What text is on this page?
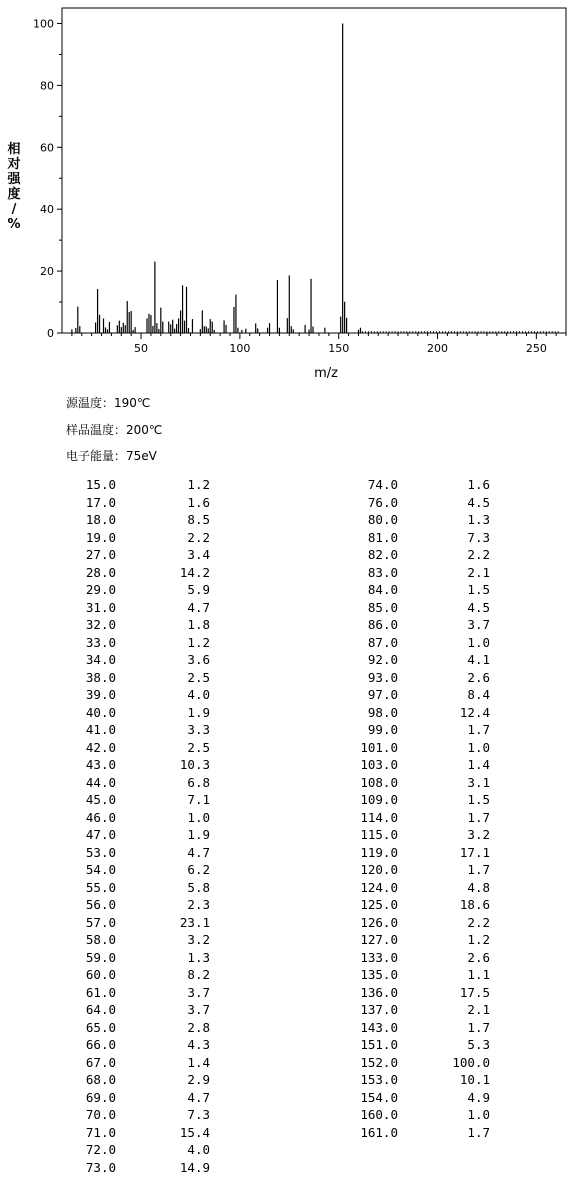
0
20
40
60
80
100
50	100	150	200	250
m/z
相
对
强
度
/
%
源温度：190℃
样品温度：200℃
电子能量：75eV
15.0	1.2
17.0	1.6
18.0	8.5
19.0	2.2
27.0	3.4
28.0	14.2
29.0	5.9
31.0	4.7
32.0	1.8
33.0	1.2
34.0	3.6
38.0	2.5
39.0	4.0
40.0	1.9
41.0	3.3
42.0	2.5
43.0	10.3
44.0	6.8
45.0	7.1
46.0	1.0
47.0	1.9
53.0	4.7
54.0	6.2
55.0	5.8
56.0	2.3
57.0	23.1
58.0	3.2
59.0	1.3
60.0	8.2
61.0	3.7
64.0	3.7
65.0	2.8
66.0	4.3
67.0	1.4
68.0	2.9
69.0	4.7
70.0	7.3
71.0	15.4
72.0	4.0
73.0	14.9
74.0	1.6
76.0	4.5
80.0	1.3
81.0	7.3
82.0	2.2
83.0	2.1
84.0	1.5
85.0	4.5
86.0	3.7
87.0	1.0
92.0	4.1
93.0	2.6
97.0	8.4
98.0	12.4
99.0	1.7
101.0	1.0
103.0	1.4
108.0	3.1
109.0	1.5
114.0	1.7
115.0	3.2
119.0	17.1
120.0	1.7
124.0	4.8
125.0	18.6
126.0	2.2
127.0	1.2
133.0	2.6
135.0	1.1
136.0	17.5
137.0	2.1
143.0	1.7
151.0	5.3
152.0	100.0
153.0	10.1
154.0	4.9
160.0	1.0
161.0	1.7
